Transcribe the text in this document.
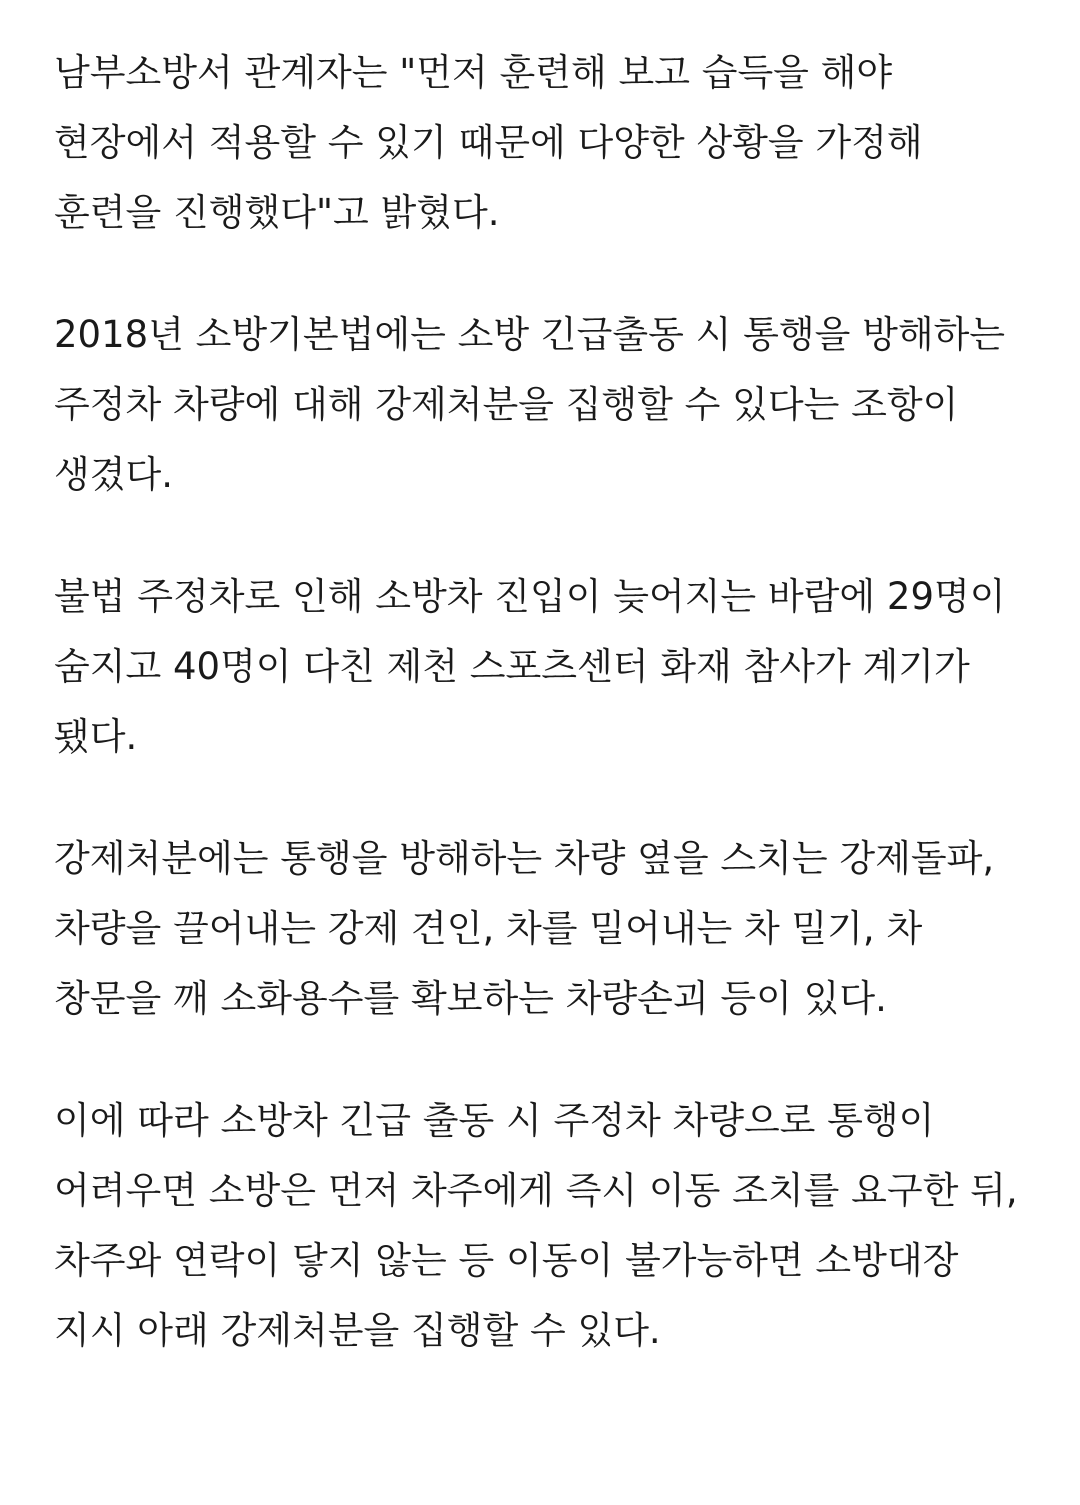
남부소방서 관계자는 "먼저 훈련해 보고 습득을 해야 현장에서 적용할 수 있기 때문에 다양한 상황을 가정해 훈련을 진행했다"고 밝혔다.

2018년 소방기본법에는 소방 긴급출동 시 통행을 방해하는 주정차 차량에 대해 강제처분을 집행할 수 있다는 조항이 생겼다.

불법 주정차로 인해 소방차 진입이 늦어지는 바람에 29명이 숨지고 40명이 다친 제천 스포츠센터 화재 참사가 계기가 됐다.

강제처분에는 통행을 방해하는 차량 옆을 스치는 강제돌파, 차량을 끌어내는 강제 견인, 차를 밀어내는 차 밀기, 차 창문을 깨 소화용수를 확보하는 차량손괴 등이 있다.

이에 따라 소방차 긴급 출동 시 주정차 차량으로 통행이 어려우면 소방은 먼저 차주에게 즉시 이동 조치를 요구한 뒤, 차주와 연락이 닿지 않는 등 이동이 불가능하면 소방대장 지시 아래 강제처분을 집행할 수 있다.
